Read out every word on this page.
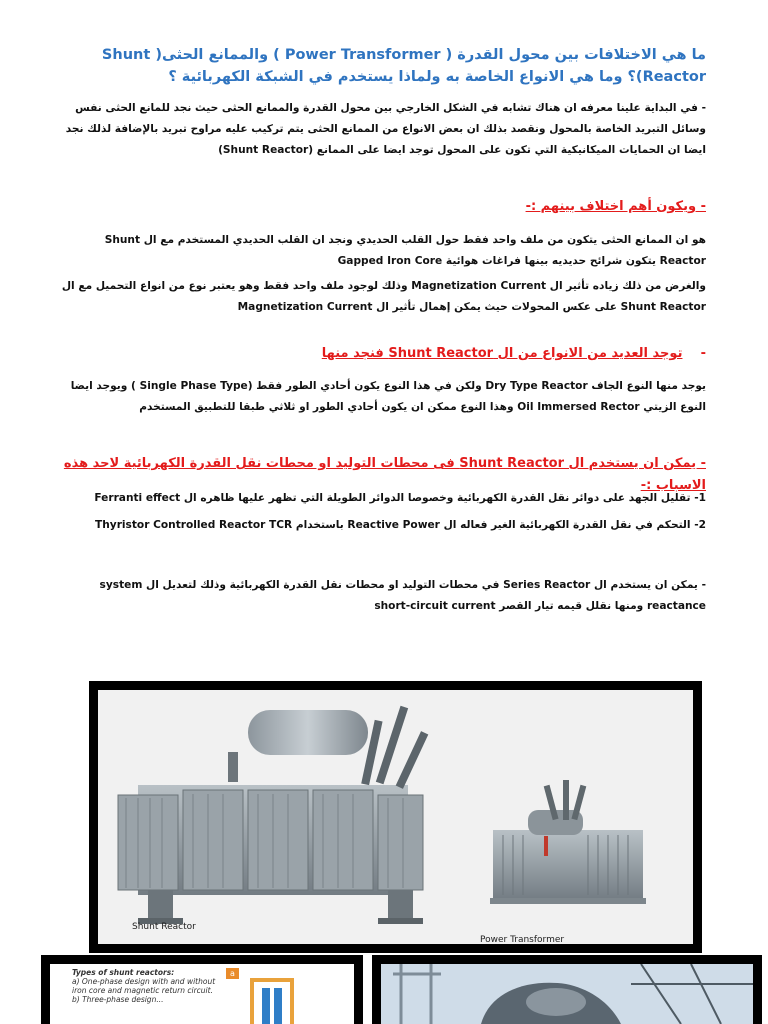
ما هي الاختلافات بين محول القدرة ( Power Transformer ) والممانع الحثى( Shunt Reactor)؟ وما هي الانواع الخاصة به ولماذا يستخدم في الشبكة الكهربائية ؟
- في البداية علينا معرفه ان هناك تشابه في الشكل الخارجي بين محول القدرة والممانع الحثى حيث نجد للمانع الحثى نفس وسائل التبريد الخاصة بالمحول ونقصد بذلك ان بعض الانواع من الممانع الحثى يتم تركيب عليه مراوح تبريد بالإضافة لذلك نجد ايضا ان الحمايات الميكانيكية التي تكون على المحول توجد ايضا على الممانع (Shunt Reactor)
- ويكون أهم اختلاف بينهم :-
هو ان الممانع الحثى يتكون من ملف واحد فقط حول القلب الحديدي ونجد ان القلب الحديدي المستخدم مع ال Shunt Reactor يتكون شرائح حديديه بينها فراغات هوائية Gapped Iron Core
والغرض من ذلك زياده تأثير ال Magnetization Current وذلك لوجود ملف واحد فقط وهو يعتبر نوع من انواع التحميل مع ال Shunt Reactor على عكس المحولات حيث يمكن إهمال تأثير ال Magnetization Current
-    توجد العديد من الانواع من ال Shunt Reactor فنجد منها
يوجد منها النوع الجاف Dry Type Reactor ولكن في هذا النوع يكون أحادي الطور فقط (Single Phase Type ) ويوجد ايضا النوع الزيتي Oil Immersed Rector وهذا النوع ممكن ان يكون أحادي الطور او ثلاثي طبقا للتطبيق المستخدم
- يمكن ان يستخدم ال Shunt Reactor فى محطات التوليد او محطات نقل القدرة الكهربائية لاحد هذه الاسباب :-
1- تقليل الجهد على دوائر نقل القدرة الكهربائية وخصوصا الدوائر الطويلة التي تظهر عليها ظاهره ال Ferranti effect
2- التحكم في نقل القدرة الكهربائية الغير فعاله ال Reactive Power باستخدام Thyristor Controlled Reactor TCR
- يمكن ان يستخدم ال Series Reactor في محطات التوليد او محطات نقل القدرة الكهربائية وذلك لتعديل ال system reactance ومنها نقلل قيمه تيار القصر short-circuit current
Shunt Reactor
Power Transformer
Types of shunt reactors:
a) One-phase design with and without iron core and magnetic return circuit. b) Three-phase design...
a
